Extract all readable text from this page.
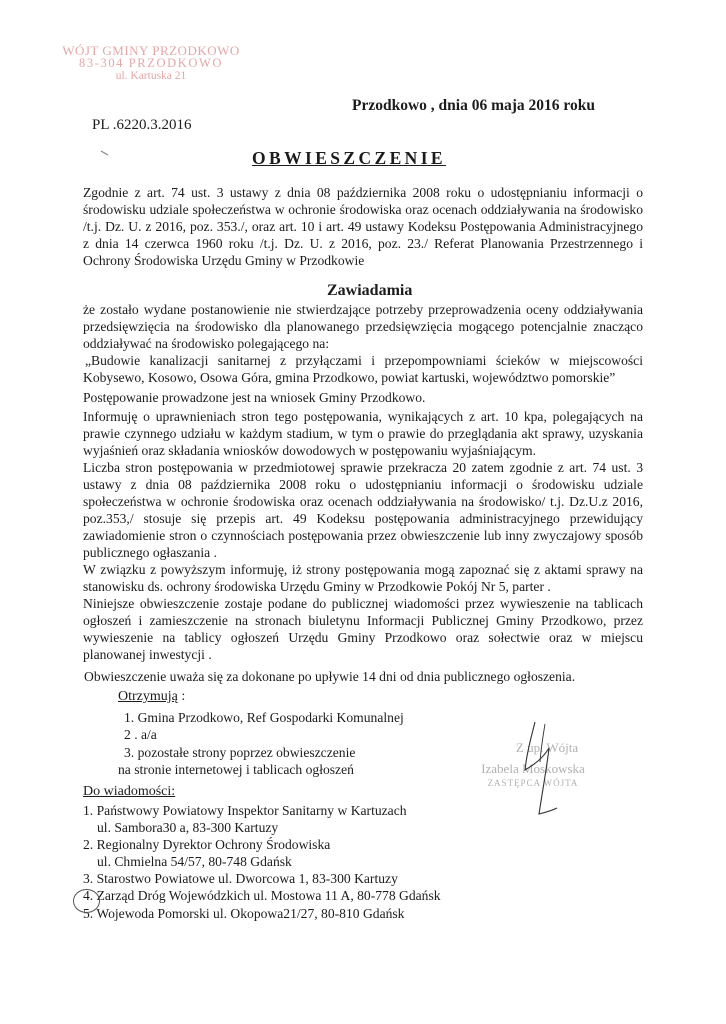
WÓJT GMINY PRZODKOWO
83-304 PRZODKOWO
ul. Kartuska 21
Przodkowo , dnia 06 maja 2016 roku
PL .6220.3.2016
OBWIESZCZENIE

Zgodnie z art. 74 ust. 3 ustawy z dnia 08 października 2008 roku o udostępnianiu informacji o środowisku udziale społeczeństwa w ochronie środowiska oraz ocenach oddziaływania na środowisko /t.j. Dz. U. z 2016, poz. 353./, oraz art. 10 i art. 49 ustawy Kodeksu Postępowania Administracyjnego z dnia 14 czerwca 1960 roku /t.j. Dz. U. z 2016, poz. 23./ Referat Planowania Przestrzennego i Ochrony Środowiska Urzędu Gminy w Przodkowie

Zawiadamia

że zostało wydane postanowienie nie stwierdzające potrzeby przeprowadzenia oceny oddziaływania przedsięwzięcia na środowisko dla planowanego przedsięwzięcia mogącego potencjalnie znacząco oddziaływać na środowisko polegającego na:

„Budowie kanalizacji sanitarnej z przyłączami i przepompowniami ścieków w miejscowości Kobysewo, Kosowo, Osowa Góra, gmina Przodkowo, powiat kartuski, województwo pomorskie”

Postępowanie prowadzone jest na wniosek Gminy Przodkowo.

Informuję o uprawnieniach stron tego postępowania, wynikających z art. 10 kpa, polegających na prawie czynnego udziału w każdym stadium, w tym o prawie do przeglądania akt sprawy, uzyskania wyjaśnień oraz składania wniosków dowodowych w postępowaniu wyjaśniającym.

Liczba stron postępowania w przedmiotowej sprawie przekracza 20 zatem zgodnie z art. 74 ust. 3 ustawy z dnia 08 października 2008 roku o udostępnianiu informacji o środowisku udziale społeczeństwa w ochronie środowiska oraz ocenach oddziaływania na środowisko/ t.j. Dz.U.z 2016, poz.353,/ stosuje się przepis art. 49 Kodeksu postępowania administracyjnego przewidujący zawiadomienie stron o czynnościach postępowania przez obwieszczenie lub inny zwyczajowy sposób publicznego ogłaszania .

W związku z powyższym informuję, iż strony postępowania mogą zapoznać się z aktami sprawy na stanowisku ds. ochrony środowiska Urzędu Gminy w Przodkowie Pokój Nr 5, parter .

Niniejsze obwieszczenie zostaje podane do publicznej wiadomości przez wywieszenie na tablicach ogłoszeń i zamieszczenie na stronach biuletynu Informacji Publicznej Gminy Przodkowo, przez wywieszenie na tablicy ogłoszeń Urzędu Gminy Przodkowo oraz sołectwie oraz w miejscu planowanej inwestycji .

Obwieszczenie uważa się za dokonane po upływie 14 dni od dnia publicznego ogłoszenia.
Otrzymują :
1. Gmina Przodkowo, Ref Gospodarki Komunalnej
2 . a/a
3. pozostałe strony poprzez obwieszczenie
na stronie internetowej i tablicach ogłoszeń
Z up. Wójta
Izabela Moskowska
ZASTĘPCA WÓJTA
Do wiadomości:
1. Państwowy Powiatowy Inspektor Sanitarny w Kartuzach
ul. Sambora30 a, 83-300 Kartuzy
2. Regionalny Dyrektor Ochrony Środowiska
ul. Chmielna 54/57, 80-748 Gdańsk
3. Starostwo Powiatowe ul. Dworcowa 1, 83-300 Kartuzy
4. Zarząd Dróg Wojewódzkich ul. Mostowa 11 A, 80-778 Gdańsk
5. Wojewoda Pomorski ul. Okopowa21/27, 80-810 Gdańsk
